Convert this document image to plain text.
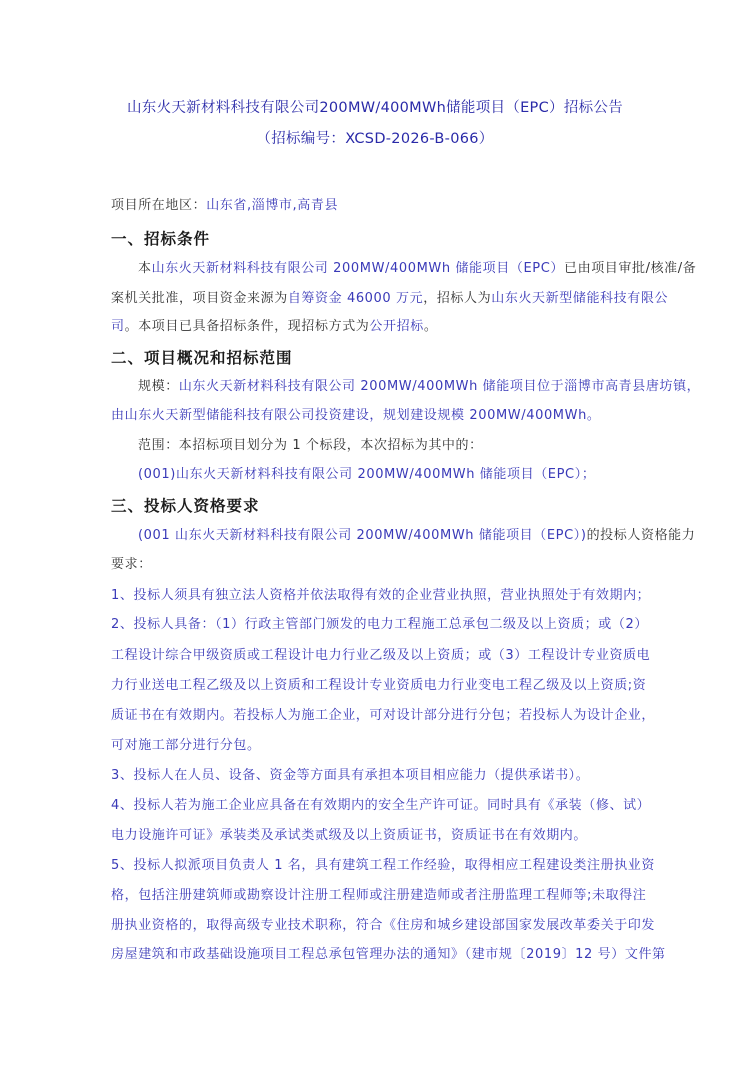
山东火天新材料科技有限公司200MW/400MWh储能项目（EPC）招标公告
（招标编号：XCSD-2026-B-066）
项目所在地区：山东省,淄博市,高青县
一、招标条件
本山东火天新材料科技有限公司 200MW/400MWh 储能项目（EPC）已由项目审批/核准/备
案机关批准，项目资金来源为自筹资金 46000 万元，招标人为山东火天新型储能科技有限公
司。本项目已具备招标条件，现招标方式为公开招标。
二、项目概况和招标范围
规模：山东火天新材料科技有限公司 200MW/400MWh 储能项目位于淄博市高青县唐坊镇，
由山东火天新型储能科技有限公司投资建设，规划建设规模 200MW/400MWh。
范围：本招标项目划分为 1 个标段，本次招标为其中的：
(001)山东火天新材料科技有限公司 200MW/400MWh 储能项目（EPC）；
三、投标人资格要求
(001 山东火天新材料科技有限公司 200MW/400MWh 储能项目（EPC）)的投标人资格能力
要求：
1、投标人须具有独立法人资格并依法取得有效的企业营业执照，营业执照处于有效期内；
2、投标人具备：（1）行政主管部门颁发的电力工程施工总承包二级及以上资质；或（2）
工程设计综合甲级资质或工程设计电力行业乙级及以上资质；或（3）工程设计专业资质电
力行业送电工程乙级及以上资质和工程设计专业资质电力行业变电工程乙级及以上资质;资
质证书在有效期内。若投标人为施工企业，可对设计部分进行分包；若投标人为设计企业，
可对施工部分进行分包。
3、投标人在人员、设备、资金等方面具有承担本项目相应能力（提供承诺书）。
4、投标人若为施工企业应具备在有效期内的安全生产许可证。同时具有《承装（修、试）
电力设施许可证》承装类及承试类贰级及以上资质证书，资质证书在有效期内。
5、投标人拟派项目负责人 1 名，具有建筑工程工作经验，取得相应工程建设类注册执业资
格，包括注册建筑师或勘察设计注册工程师或注册建造师或者注册监理工程师等;未取得注
册执业资格的，取得高级专业技术职称，符合《住房和城乡建设部国家发展改革委关于印发
房屋建筑和市政基础设施项目工程总承包管理办法的通知》（建市规〔2019〕12 号）文件第
